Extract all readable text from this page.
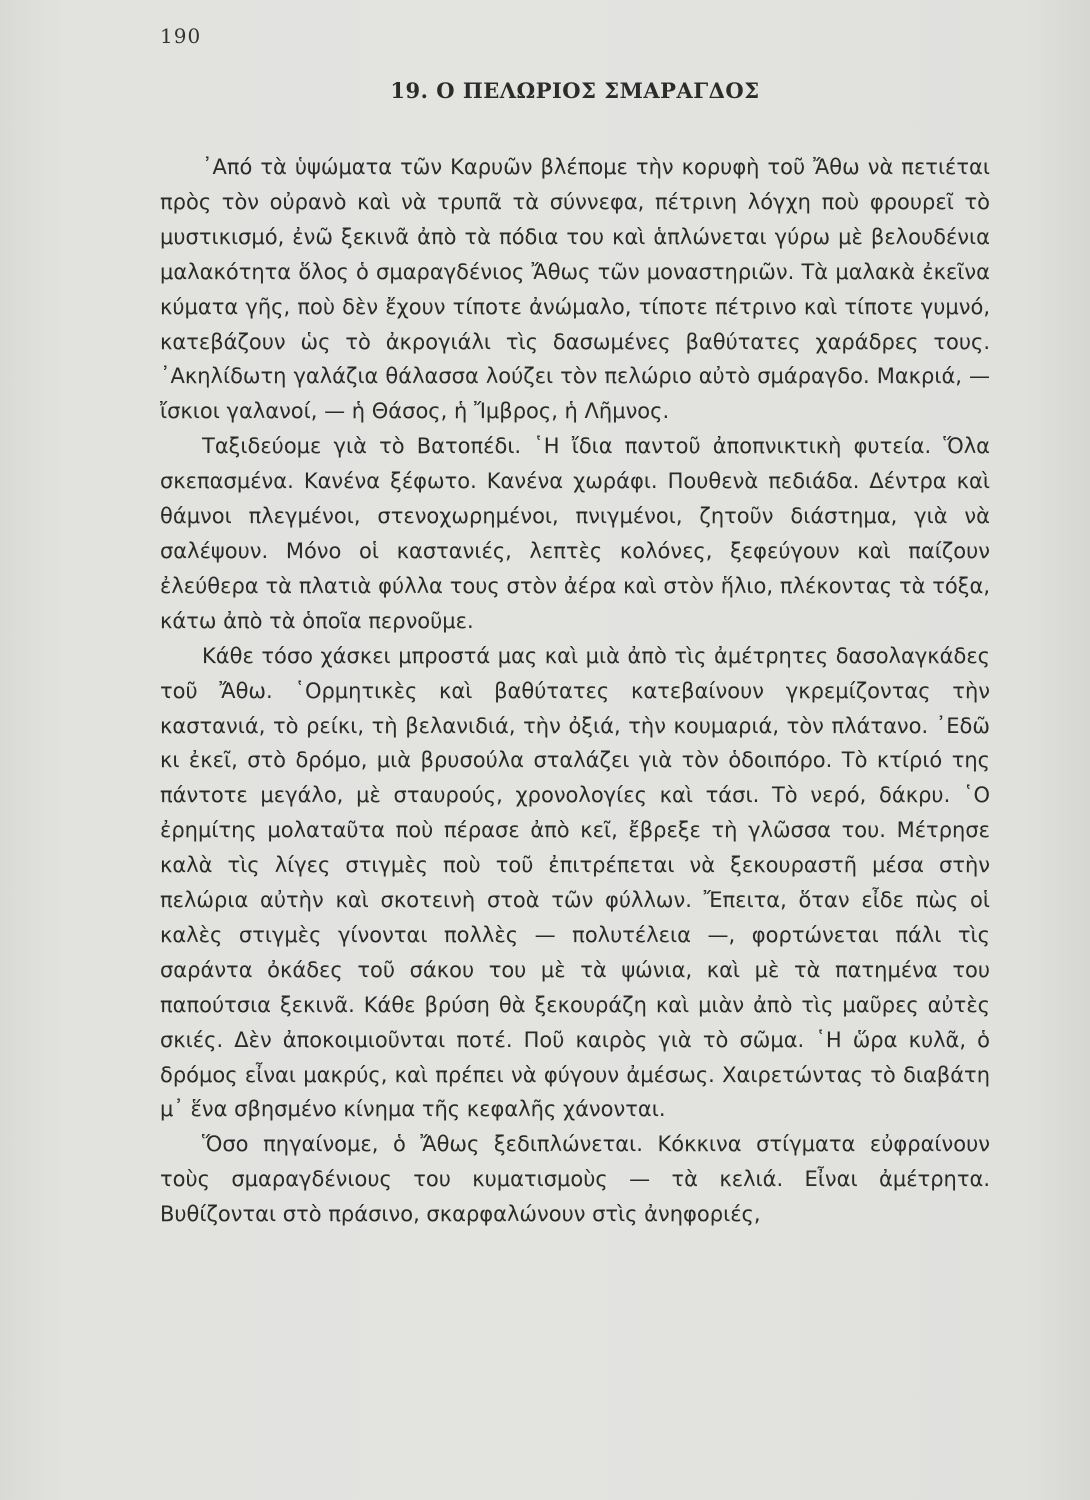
190
19. Ο ΠΕΛΩΡΙΟΣ ΣΜΑΡΑΓΔΟΣ

᾿Από τὰ ὑψώματα τῶν Καρυῶν βλέπομε τὴν κορυφὴ τοῦ Ἄθω νὰ πετιέται πρὸς τὸν οὐρανὸ καὶ νὰ τρυπᾶ τὰ σύννεφα, πέτρινη λόγχη ποὺ φρουρεῖ τὸ μυστικισμό, ἐνῶ ξεκινᾶ ἀπὸ τὰ πόδια του καὶ ἁπλώνεται γύρω μὲ βελουδένια μαλακότητα ὅλος ὁ σμαραγδένιος Ἄθως τῶν μοναστηριῶν. Τὰ μαλακὰ ἐκεῖνα κύματα γῆς, ποὺ δὲν ἔχουν τίποτε ἀνώμαλο, τίποτε πέτρινο καὶ τίποτε γυμνό, κατεβάζουν ὡς τὸ ἀκρογιάλι τὶς δασωμένες βαθύτατες χαράδρες τους. ᾿Ακηλίδωτη γαλάζια θάλασσα λούζει τὸν πελώριο αὐτὸ σμάραγδο. Μακριά, — ἴσκιοι γαλανοί, — ἡ Θάσος, ἡ Ἴμβρος, ἡ Λῆμνος.

Ταξιδεύομε γιὰ τὸ Βατοπέδι. ῾Η ἴδια παντοῦ ἀποπνικτικὴ φυτεία. Ὅλα σκεπασμένα. Κανένα ξέφωτο. Κανένα χωράφι. Πουθενὰ πεδιάδα. Δέντρα καὶ θάμνοι πλεγμένοι, στενοχωρημένοι, πνιγμένοι, ζητοῦν διάστημα, γιὰ νὰ σαλέψουν. Μόνο οἱ καστανιές, λεπτὲς κολόνες, ξεφεύγουν καὶ παίζουν ἐλεύθερα τὰ πλατιὰ φύλλα τους στὸν ἀέρα καὶ στὸν ἥλιο, πλέκοντας τὰ τόξα, κάτω ἀπὸ τὰ ὁποῖα περνοῦμε.

Κάθε τόσο χάσκει μπροστά μας καὶ μιὰ ἀπὸ τὶς ἀμέτρητες δασολαγκάδες τοῦ Ἄθω. ῾Ορμητικὲς καὶ βαθύτατες κατεβαίνουν γκρεμίζοντας τὴν καστανιά, τὸ ρείκι, τὴ βελανιδιά, τὴν ὀξιά, τὴν κουμαριά, τὸν πλάτανο. ᾿Εδῶ κι ἐκεῖ, στὸ δρόμο, μιὰ βρυσούλα σταλάζει γιὰ τὸν ὁδοιπόρο. Τὸ κτίριό της πάντοτε μεγάλο, μὲ σταυρούς, χρονολογίες καὶ τάσι. Τὸ νερό, δάκρυ. ῾Ο ἐρημίτης μολαταῦτα ποὺ πέρασε ἀπὸ κεῖ, ἔβρεξε τὴ γλῶσσα του. Μέτρησε καλὰ τὶς λίγες στιγμὲς ποὺ τοῦ ἐπιτρέπεται νὰ ξεκουραστῆ μέσα στὴν πελώρια αὐτὴν καὶ σκοτεινὴ στοὰ τῶν φύλλων. Ἔπειτα, ὅταν εἶδε πὼς οἱ καλὲς στιγμὲς γίνονται πολλὲς — πολυτέλεια —, φορτώνεται πάλι τὶς σαράντα ὀκάδες τοῦ σάκου του μὲ τὰ ψώνια, καὶ μὲ τὰ πατημένα του παπούτσια ξεκινᾶ. Κάθε βρύση θὰ ξεκουράζη καὶ μιὰν ἀπὸ τὶς μαῦρες αὐτὲς σκιές. Δὲν ἀποκοιμιοῦνται ποτέ. Ποῦ καιρὸς γιὰ τὸ σῶμα. ῾Η ὥρα κυλᾶ, ὁ δρόμος εἶναι μακρύς, καὶ πρέπει νὰ φύγουν ἀμέσως. Χαιρετώντας τὸ διαβάτη μ᾿ ἕνα σβησμένο κίνημα τῆς κεφαλῆς χάνονται.

Ὅσο πηγαίνομε, ὁ Ἄθως ξεδιπλώνεται. Κόκκινα στίγματα εὐφραίνουν τοὺς σμαραγδένιους του κυματισμοὺς — τὰ κελιά. Εἶναι ἀμέτρητα. Βυθίζονται στὸ πράσινο, σκαρφαλώνουν στὶς ἀνηφοριές,
